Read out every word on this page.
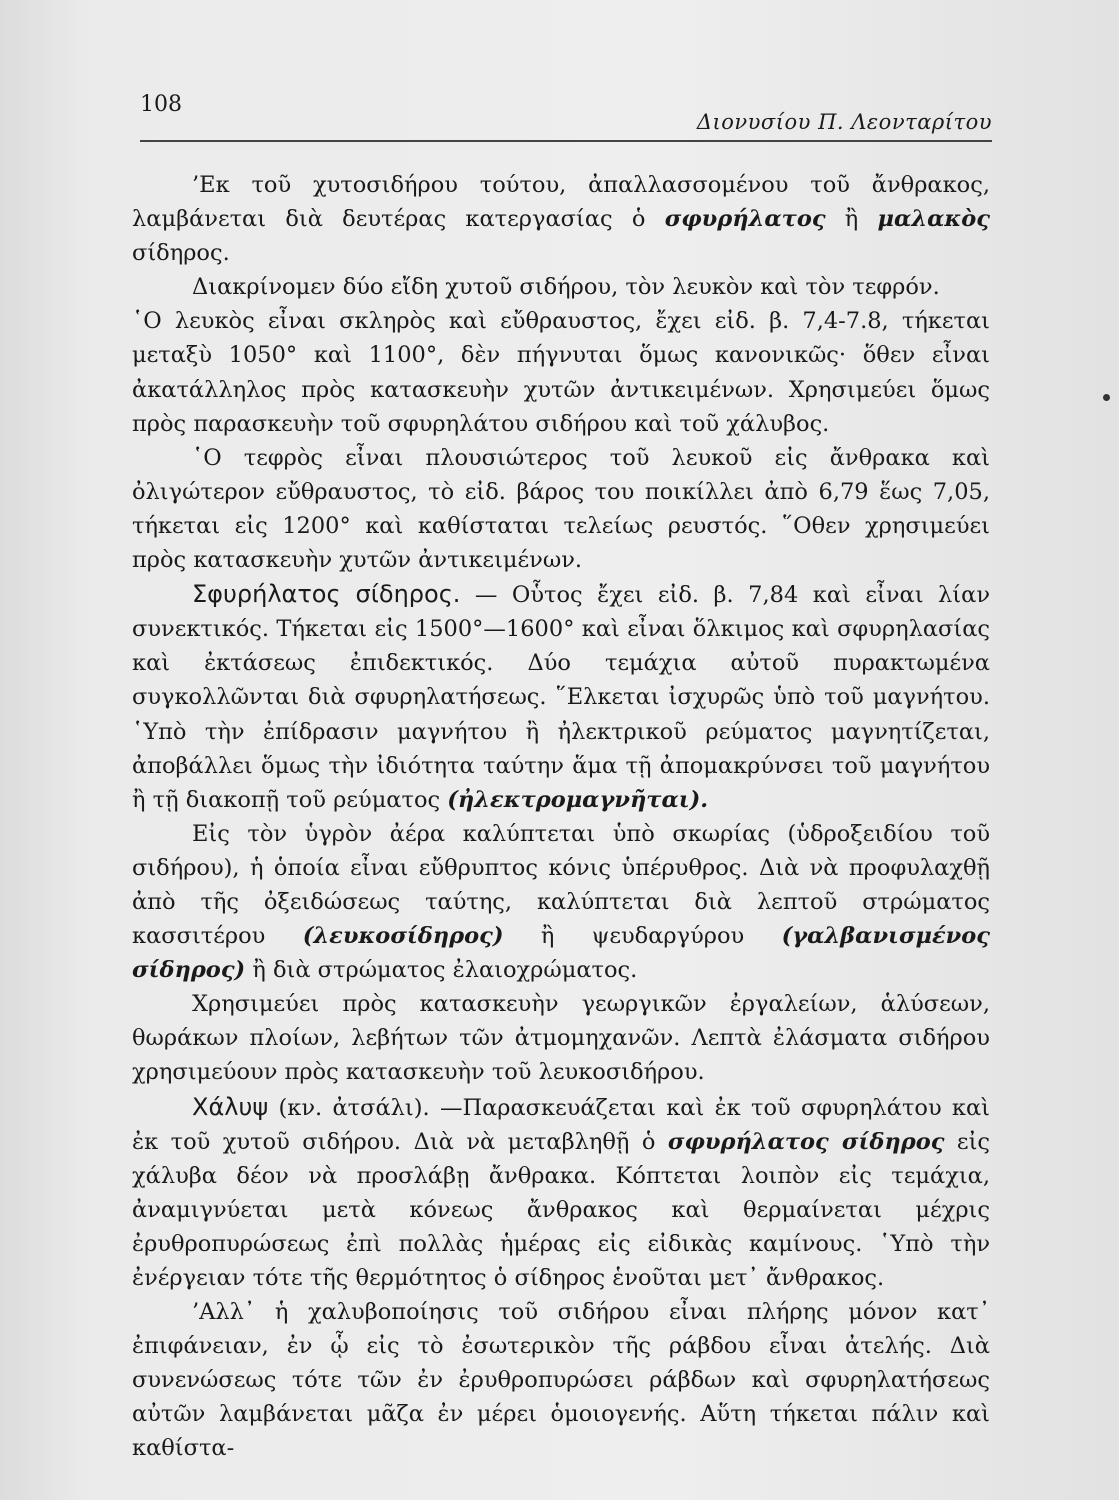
108
Διονυσίου Π. Λεονταρίτου

’Εκ τοῦ χυτοσιδήρου τούτου, ἀπαλλασσομένου τοῦ ἄνθρακος, λαμβάνεται διὰ δευτέρας κατεργασίας ὁ σφυρήλατος ἢ μαλακὸς σίδηρος.

Διακρίνομεν δύο εἴδη χυτοῦ σιδήρου, τὸν λευκὸν καὶ τὸν τεφρόν.

῾Ο λευκὸς εἶναι σκληρὸς καὶ εὔθραυστος, ἔχει εἰδ. β. 7,4-7.8, τήκεται μεταξὺ 1050° καὶ 1100°, δὲν πήγνυται ὅμως κανονικῶς· ὅθεν εἶναι ἀκατάλληλος πρὸς κατασκευὴν χυτῶν ἀντικειμένων. Χρησιμεύει ὅμως πρὸς παρασκευὴν τοῦ σφυρηλάτου σιδήρου καὶ τοῦ χάλυβος.

῾Ο τεφρὸς εἶναι πλουσιώτερος τοῦ λευκοῦ εἰς ἄνθρακα καὶ ὀλιγώτερον εὔθραυστος, τὸ εἰδ. βάρος του ποικίλλει ἀπὸ 6,79 ἕως 7,05, τήκεται εἰς 1200° καὶ καθίσταται τελείως ρευστός. ῞Οθεν χρησιμεύει πρὸς κατασκευὴν χυτῶν ἀντικειμένων.

Σφυρήλατος σίδηρος. — Οὗτος ἔχει εἰδ. β. 7,84 καὶ εἶναι λίαν συνεκτικός. Τήκεται εἰς 1500°—1600° καὶ εἶναι ὅλκιμος καὶ σφυρηλασίας καὶ ἐκτάσεως ἐπιδεκτικός. Δύο τεμάχια αὐτοῦ πυρακτωμένα συγκολλῶνται διὰ σφυρηλατήσεως. ῞Ελκεται ἰσχυρῶς ὑπὸ τοῦ μαγνήτου. ῾Υπὸ τὴν ἐπίδρασιν μαγνήτου ἢ ἠλεκτρικοῦ ρεύματος μαγνητίζεται, ἀποβάλλει ὅμως τὴν ἰδιότητα ταύτην ἅμα τῇ ἀπομακρύνσει τοῦ μαγνήτου ἢ τῇ διακοπῇ τοῦ ρεύματος (ἠλεκτρομαγνῆται).

Εἰς τὸν ὑγρὸν ἀέρα καλύπτεται ὑπὸ σκωρίας (ὑδροξειδίου τοῦ σιδήρου), ἡ ὁποία εἶναι εὔθρυπτος κόνις ὑπέρυθρος. Διὰ νὰ προφυλαχθῇ ἀπὸ τῆς ὀξειδώσεως ταύτης, καλύπτεται διὰ λεπτοῦ στρώματος κασσιτέρου (λευκοσίδηρος) ἢ ψευδαργύρου (γαλβανισμένος σίδηρος) ἢ διὰ στρώματος ἐλαιοχρώματος.

Χρησιμεύει πρὸς κατασκευὴν γεωργικῶν ἐργαλείων, ἁλύσεων, θωράκων πλοίων, λεβήτων τῶν ἀτμομηχανῶν. Λεπτὰ ἐλάσματα σιδήρου χρησιμεύουν πρὸς κατασκευὴν τοῦ λευκοσιδήρου.

Χάλυψ (κν. ἀτσάλι). —Παρασκευάζεται καὶ ἐκ τοῦ σφυρηλάτου καὶ ἐκ τοῦ χυτοῦ σιδήρου. Διὰ νὰ μεταβληθῇ ὁ σφυρήλατος σίδηρος εἰς χάλυβα δέον νὰ προσλάβῃ ἄνθρακα. Κόπτεται λοιπὸν εἰς τεμάχια, ἀναμιγνύεται μετὰ κόνεως ἄνθρακος καὶ θερμαίνεται μέχρις ἐρυθροπυρώσεως ἐπὶ πολλὰς ἡμέρας εἰς εἰδικὰς καμίνους. ῾Υπὸ τὴν ἐνέργειαν τότε τῆς θερμότητος ὁ σίδηρος ἑνοῦται μετ᾿ ἄνθρακος.

’Αλλ᾿ ἡ χαλυβοποίησις τοῦ σιδήρου εἶναι πλήρης μόνον κατ᾿ ἐπιφάνειαν, ἐν ᾧ εἰς τὸ ἐσωτερικὸν τῆς ράβδου εἶναι ἀτελής. Διὰ συνενώσεως τότε τῶν ἐν ἐρυθροπυρώσει ράβδων καὶ σφυρηλατήσεως αὐτῶν λαμβάνεται μᾶζα ἐν μέρει ὁμοιογενής. Αὕτη τήκεται πάλιν καὶ καθίστα-
